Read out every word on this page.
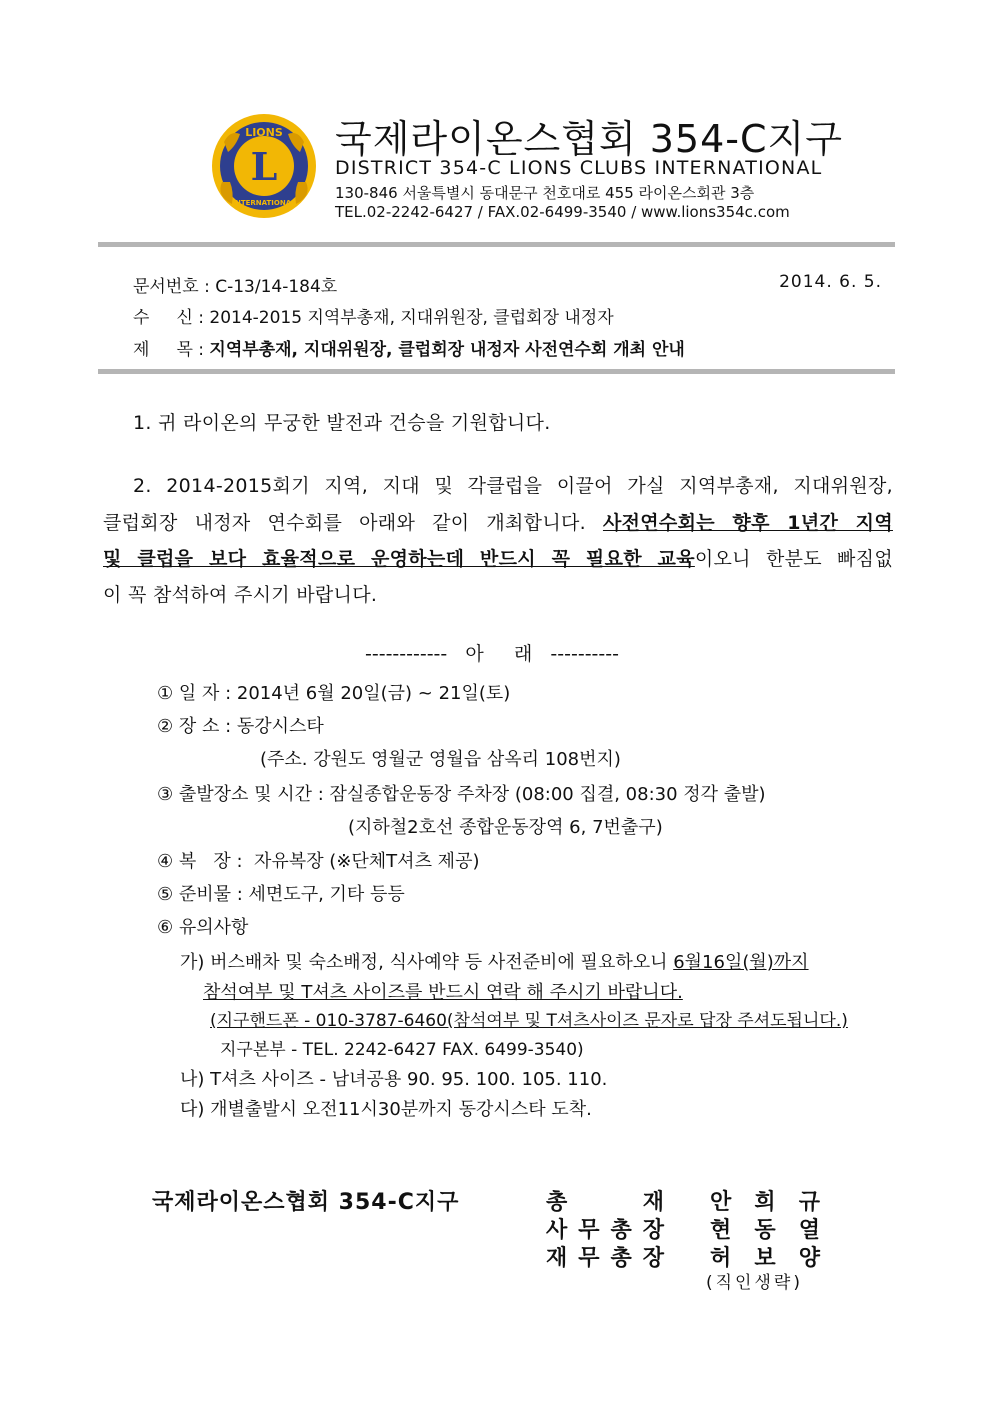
LIONS
L
INTERNATIONAL
국제라이온스협회 354-C지구
DISTRICT 354-C LIONS CLUBS INTERNATIONAL
130-846 서울특별시 동대문구 천호대로 455 라이온스회관 3층
TEL.02-2242-6427 / FAX.02-6499-3540 / www.lions354c.com
문서번호 : C-13/14-184호	2014. 6. 5.
수     신 : 2014-2015 지역부총재, 지대위원장, 클럽회장 내정자
제     목 : 지역부총재, 지대위원장, 클럽회장 내정자 사전연수회 개최 안내
1. 귀 라이온의 무궁한 발전과 건승을 기원합니다.
2. 2014-2015회기 지역, 지대 및 각클럽을 이끌어 가실 지역부총재, 지대위원장,
클럽회장 내정자 연수회를 아래와 같이 개최합니다. 사전연수회는 향후 1년간 지역
및 클럽을 보다 효율적으로 운영하는데 반드시 꼭 필요한 교육이오니 한분도 빠짐없
이 꼭 참석하여 주시기 바랍니다.
------------   아     래   ----------
① 일 자 : 2014년 6월 20일(금) ~ 21일(토)
② 장 소 : 동강시스타
(주소. 강원도 영월군 영월읍 삼옥리 108번지)
③ 출발장소 및 시간 : 잠실종합운동장 주차장 (08:00 집결, 08:30 정각 출발)
(지하철2호선 종합운동장역 6, 7번출구)
④ 복   장 :  자유복장 (※단체T셔츠 제공)
⑤ 준비물 : 세면도구, 기타 등등
⑥ 유의사항
가) 버스배차 및 숙소배정, 식사예약 등 사전준비에 필요하오니 6월16일(월)까지
참석여부 및 T셔츠 사이즈를 반드시 연락 해 주시기 바랍니다.
(지구핸드폰 - 010-3787-6460(참석여부 및 T셔츠사이즈 문자로 답장 주셔도됩니다.)
지구본부 - TEL. 2242-6427 FAX. 6499-3540)
나) T셔츠 사이즈 - 남녀공용 90. 95. 100. 105. 110.
다) 개별출발시 오전11시30분까지 동강시스타 도착.
국제라이온스협회 354-C지구	총	재 안 희 규
사 무 총 장 현 동 열
재 무 총 장 허 보 양
(직인생략)
